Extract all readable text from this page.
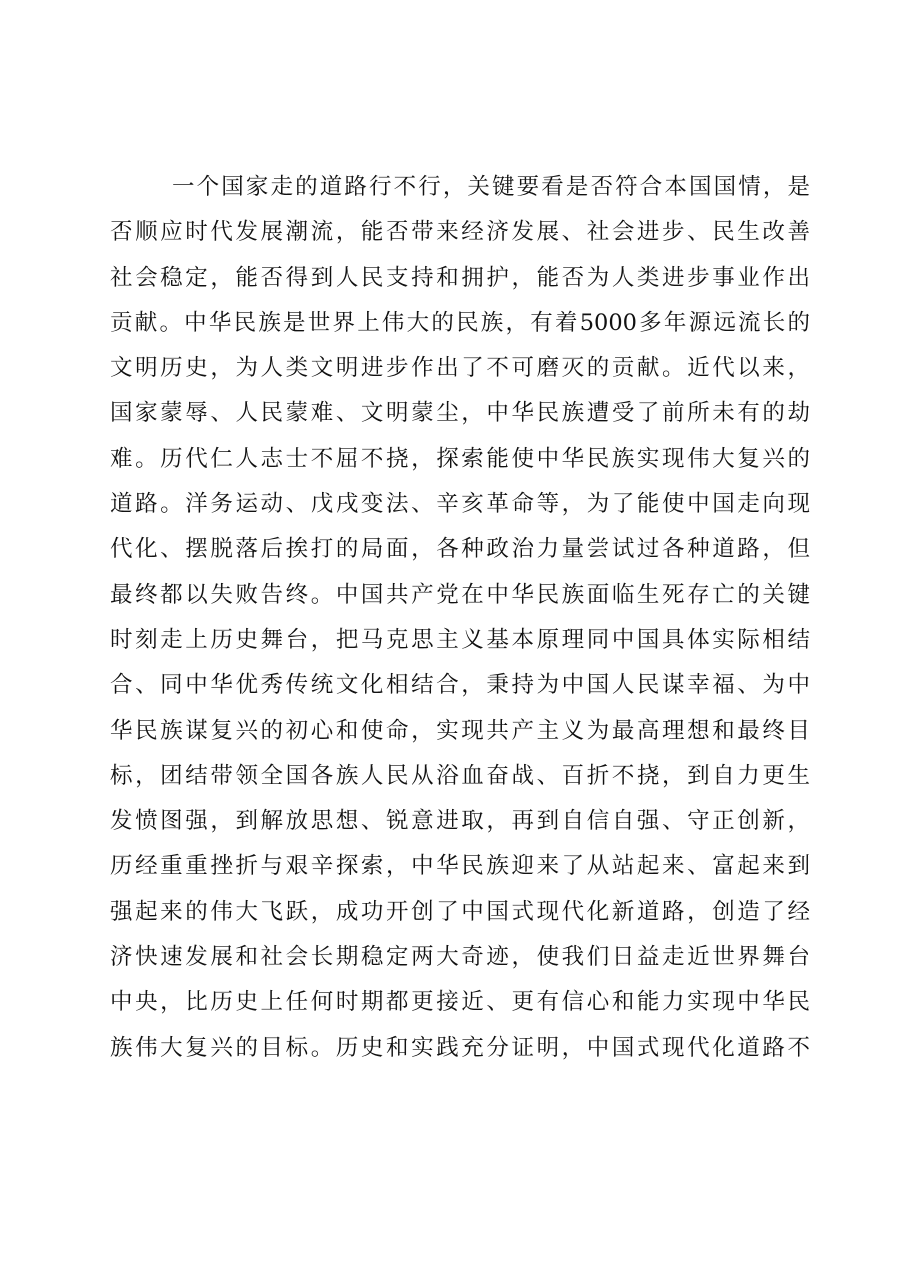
一个国家走的道路行不行，关键要看是否符合本国国情，是
否顺应时代发展潮流，能否带来经济发展、社会进步、民生改善
社会稳定，能否得到人民支持和拥护，能否为人类进步事业作出
贡献。中华民族是世界上伟大的民族，有着5000多年源远流长的
文明历史，为人类文明进步作出了不可磨灭的贡献。近代以来，
国家蒙辱、人民蒙难、文明蒙尘，中华民族遭受了前所未有的劫
难。历代仁人志士不屈不挠，探索能使中华民族实现伟大复兴的
道路。洋务运动、戊戌变法、辛亥革命等，为了能使中国走向现
代化、摆脱落后挨打的局面，各种政治力量尝试过各种道路，但
最终都以失败告终。中国共产党在中华民族面临生死存亡的关键
时刻走上历史舞台，把马克思主义基本原理同中国具体实际相结
合、同中华优秀传统文化相结合，秉持为中国人民谋幸福、为中
华民族谋复兴的初心和使命，实现共产主义为最高理想和最终目
标，团结带领全国各族人民从浴血奋战、百折不挠，到自力更生
发愤图强，到解放思想、锐意进取，再到自信自强、守正创新，
历经重重挫折与艰辛探索，中华民族迎来了从站起来、富起来到
强起来的伟大飞跃，成功开创了中国式现代化新道路，创造了经
济快速发展和社会长期稳定两大奇迹，使我们日益走近世界舞台
中央，比历史上任何时期都更接近、更有信心和能力实现中华民
族伟大复兴的目标。历史和实践充分证明，中国式现代化道路不
